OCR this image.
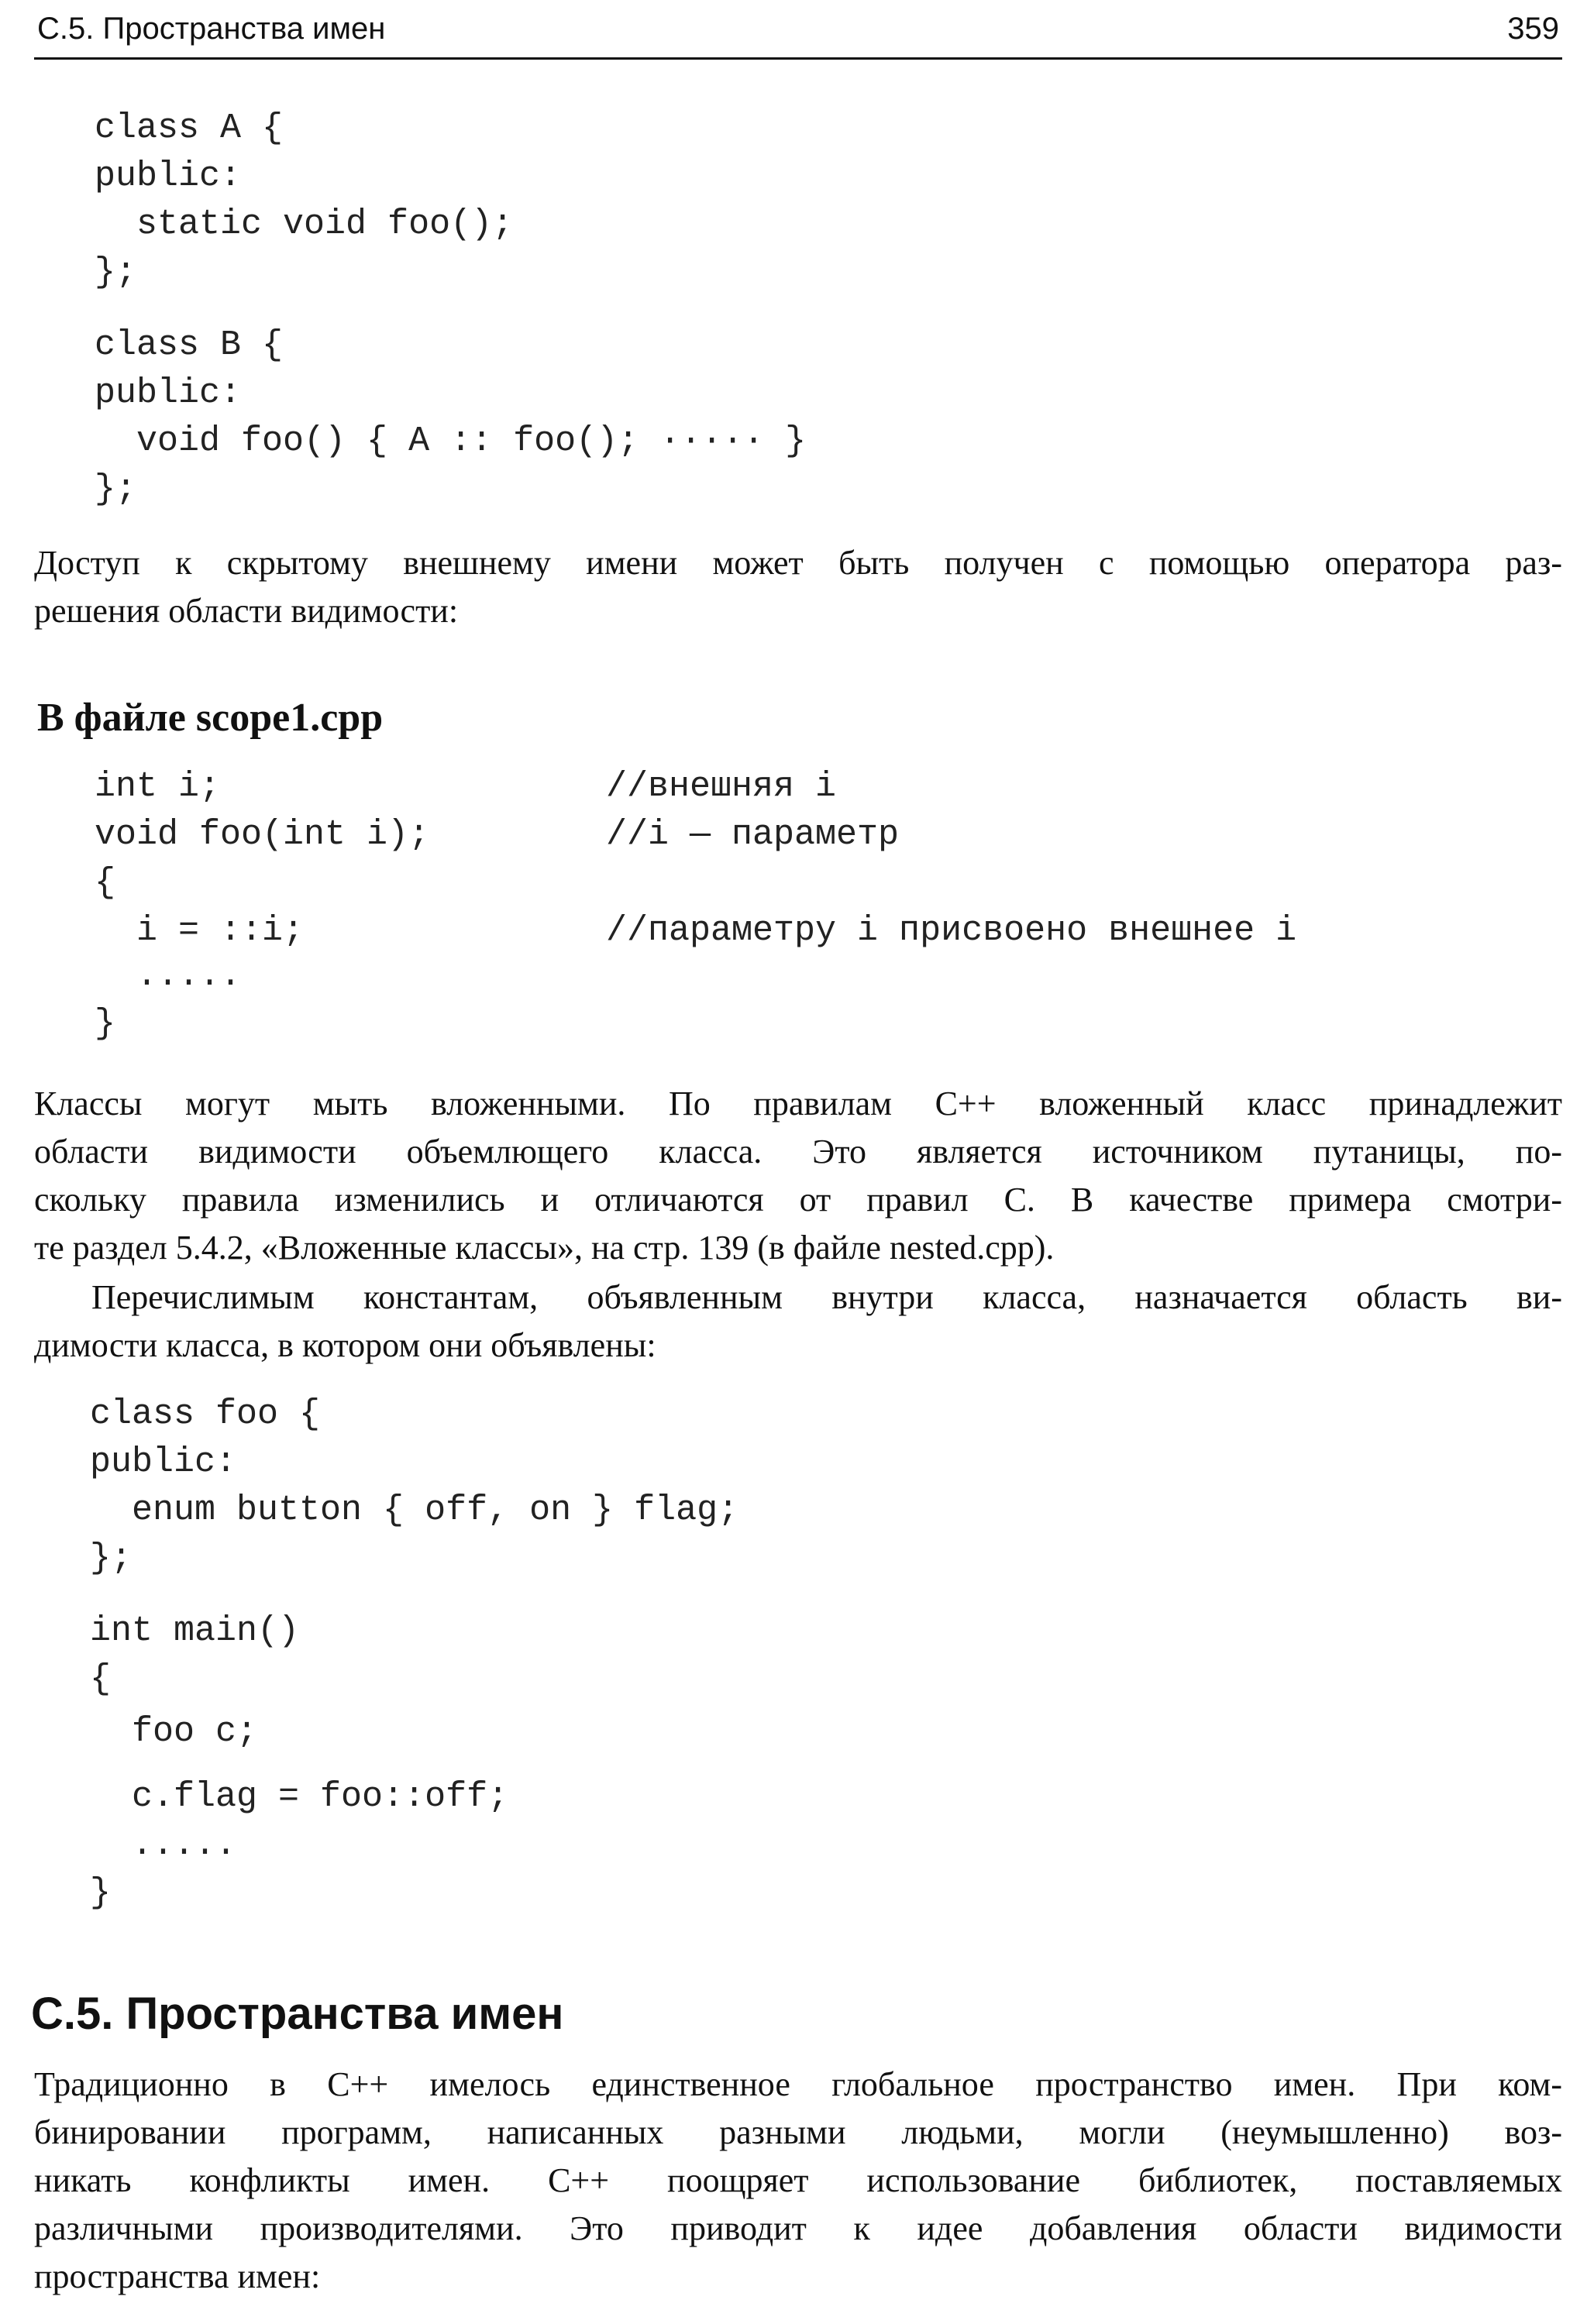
С.5. Пространства имен	359

class A {

public:

static void foo();

};

class B {

public:

void foo() { A :: foo(); ····· }

};

Доступ к скрытому внешнему имени может быть получен с помощью оператора раз-
решения области видимости:
В файле scope1.cpp

int i;

	//внешняя i

void foo(int i);

	//i — параметр

{

i = ::i;

	//параметру i присвоено внешнее i

.....

}

Классы могут мыть вложенными. По правилам С++ вложенный класс принадлежит
области видимости объемлющего класса. Это является источником путаницы, по-
скольку правила изменились и отличаются от правил С. В качестве примера смотри-
те раздел 5.4.2, «Вложенные классы», на стр. 139 (в файле nested.cpp).
Перечислимым константам, объявленным внутри класса, назначается область ви-
димости класса, в котором они объявлены:

class foo {

public:

enum button { off, on } flag;

};

int main()

{

foo c;

c.flag = foo::off;

.....

}

С.5. Пространства имен
Традиционно в С++ имелось единственное глобальное пространство имен. При ком-
бинировании программ, написанных разными людьми, могли (неумышленно) воз-
никать конфликты имен. С++ поощряет использование библиотек, поставляемых
различными производителями. Это приводит к идее добавления области видимости
пространства имен:
